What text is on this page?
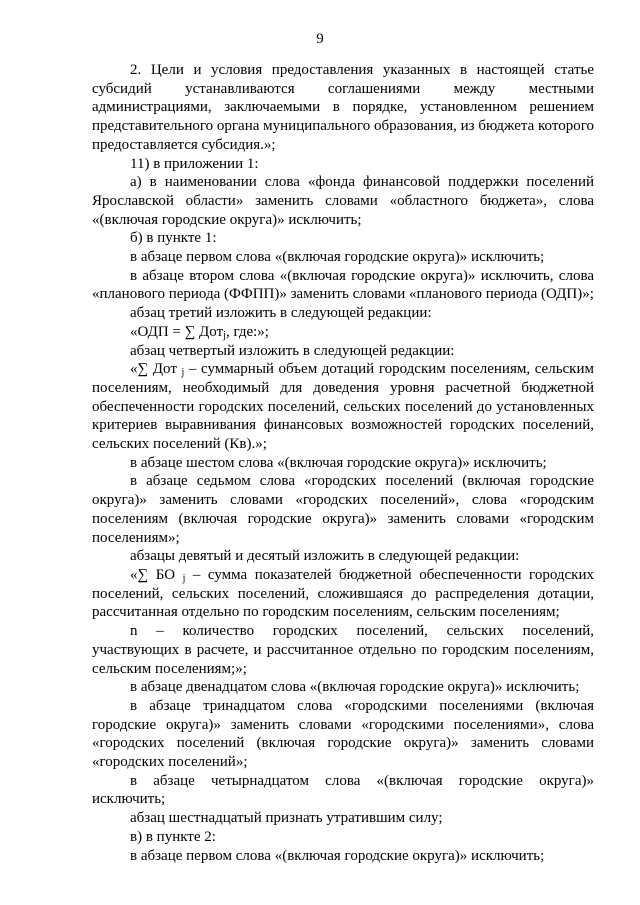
9

2. Цели и условия предоставления указанных в настоящей статье субсидий устанавливаются соглашениями между местными администрациями, заключаемыми в порядке, установленном решением представительного органа муниципального образования, из бюджета которого предоставляется субсидия.»;

11) в приложении 1:

а) в наименовании слова «фонда финансовой поддержки поселений Ярославской области» заменить словами «областного бюджета», слова «(включая городские округа)» исключить;

б) в пункте 1:

в абзаце первом слова «(включая городские округа)» исключить;

в абзаце втором слова «(включая городские округа)» исключить, слова «планового периода (ФФПП)» заменить словами «планового периода (ОДП)»;

абзац третий изложить в следующей редакции:

«ОДП = ∑ Дот$_j$, где:»;

абзац четвертый изложить в следующей редакции:

«∑ Дот $_j$ – суммарный объем дотаций городским поселениям, сельским поселениям, необходимый для доведения уровня расчетной бюджетной обеспеченности городских поселений, сельских поселений до установленных критериев выравнивания финансовых возможностей городских поселений, сельских поселений (Кв).»;

в абзаце шестом слова «(включая городские округа)» исключить;

в абзаце седьмом слова «городских поселений (включая городские округа)» заменить словами «городских поселений», слова «городским поселениям (включая городские округа)» заменить словами «городским поселениям»;

абзацы девятый и десятый изложить в следующей редакции:

«∑ БО $_j$ – сумма показателей бюджетной обеспеченности городских поселений, сельских поселений, сложившаяся до распределения дотации, рассчитанная отдельно по городским поселениям, сельским поселениям;

n – количество городских поселений, сельских поселений, участвующих в расчете, и рассчитанное отдельно по городским поселениям, сельским поселениям;»;

в абзаце двенадцатом слова «(включая городские округа)» исключить;

в абзаце тринадцатом слова «городскими поселениями (включая городские округа)» заменить словами «городскими поселениями», слова «городских поселений (включая городские округа)» заменить словами «городских поселений»;

в абзаце четырнадцатом слова «(включая городские округа)» исключить;

абзац шестнадцатый признать утратившим силу;

в) в пункте 2:

в абзаце первом слова «(включая городские округа)» исключить;
